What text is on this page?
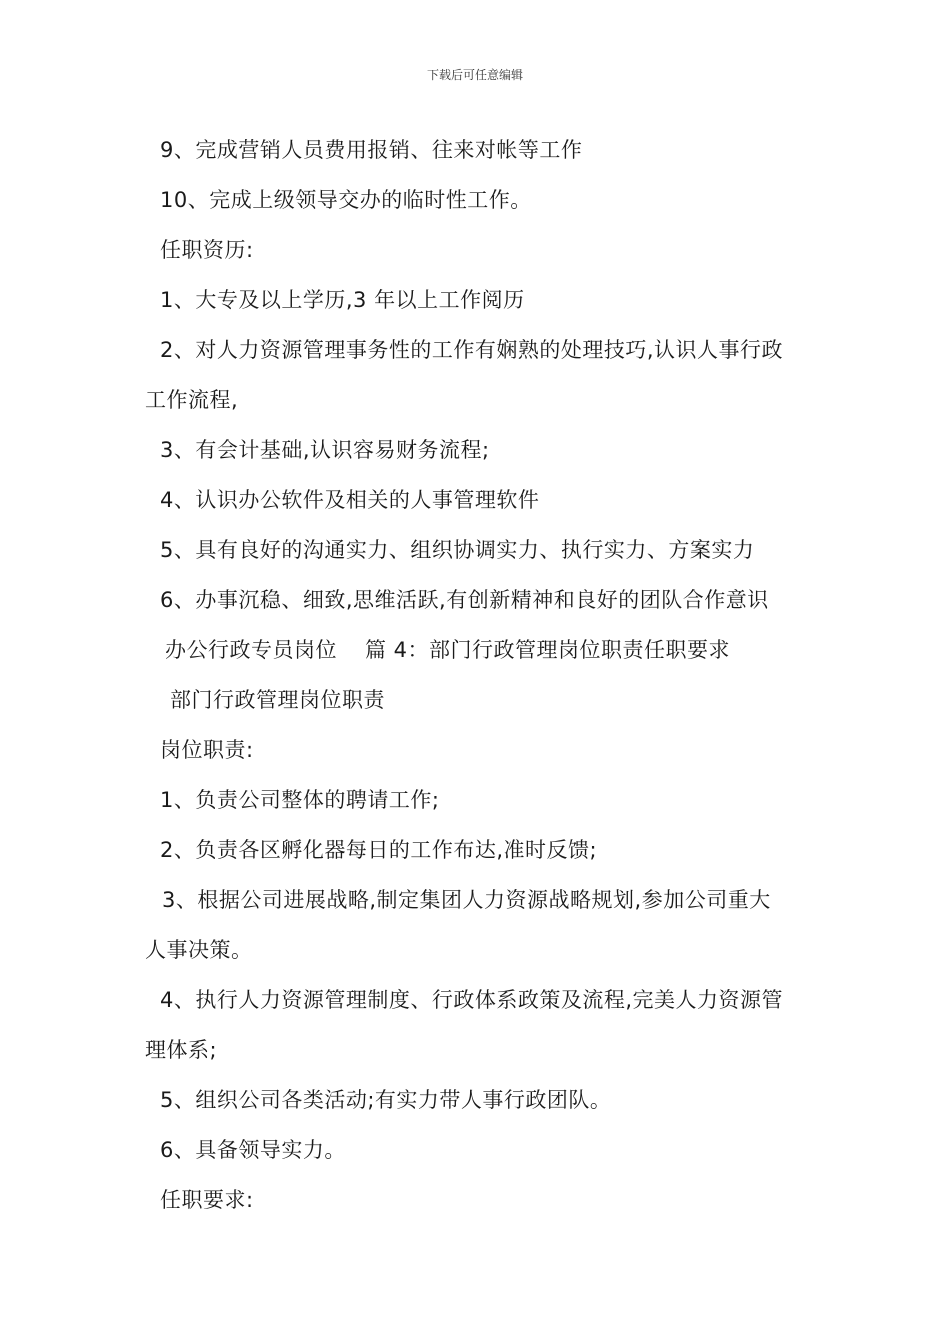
下载后可任意编辑
9、完成营销人员费用报销、往来对帐等工作
10、完成上级领导交办的临时性工作。
任职资历:
1、大专及以上学历,3 年以上工作阅历
2、对人力资源管理事务性的工作有娴熟的处理技巧,认识人事行政
工作流程,
3、有会计基础,认识容易财务流程;
4、认识办公软件及相关的人事管理软件
5、具有良好的沟通实力、组织协调实力、执行实力、方案实力
6、办事沉稳、细致,思维活跃,有创新精神和良好的团队合作意识
办公行政专员岗位 篇 4：部门行政管理岗位职责任职要求
部门行政管理岗位职责
岗位职责:
1、负责公司整体的聘请工作;
2、负责各区孵化器每日的工作布达,准时反馈;
3、根据公司进展战略,制定集团人力资源战略规划,参加公司重大
人事决策。
4、执行人力资源管理制度、行政体系政策及流程,完美人力资源管
理体系;
5、组织公司各类活动;有实力带人事行政团队。
6、具备领导实力。
任职要求:
